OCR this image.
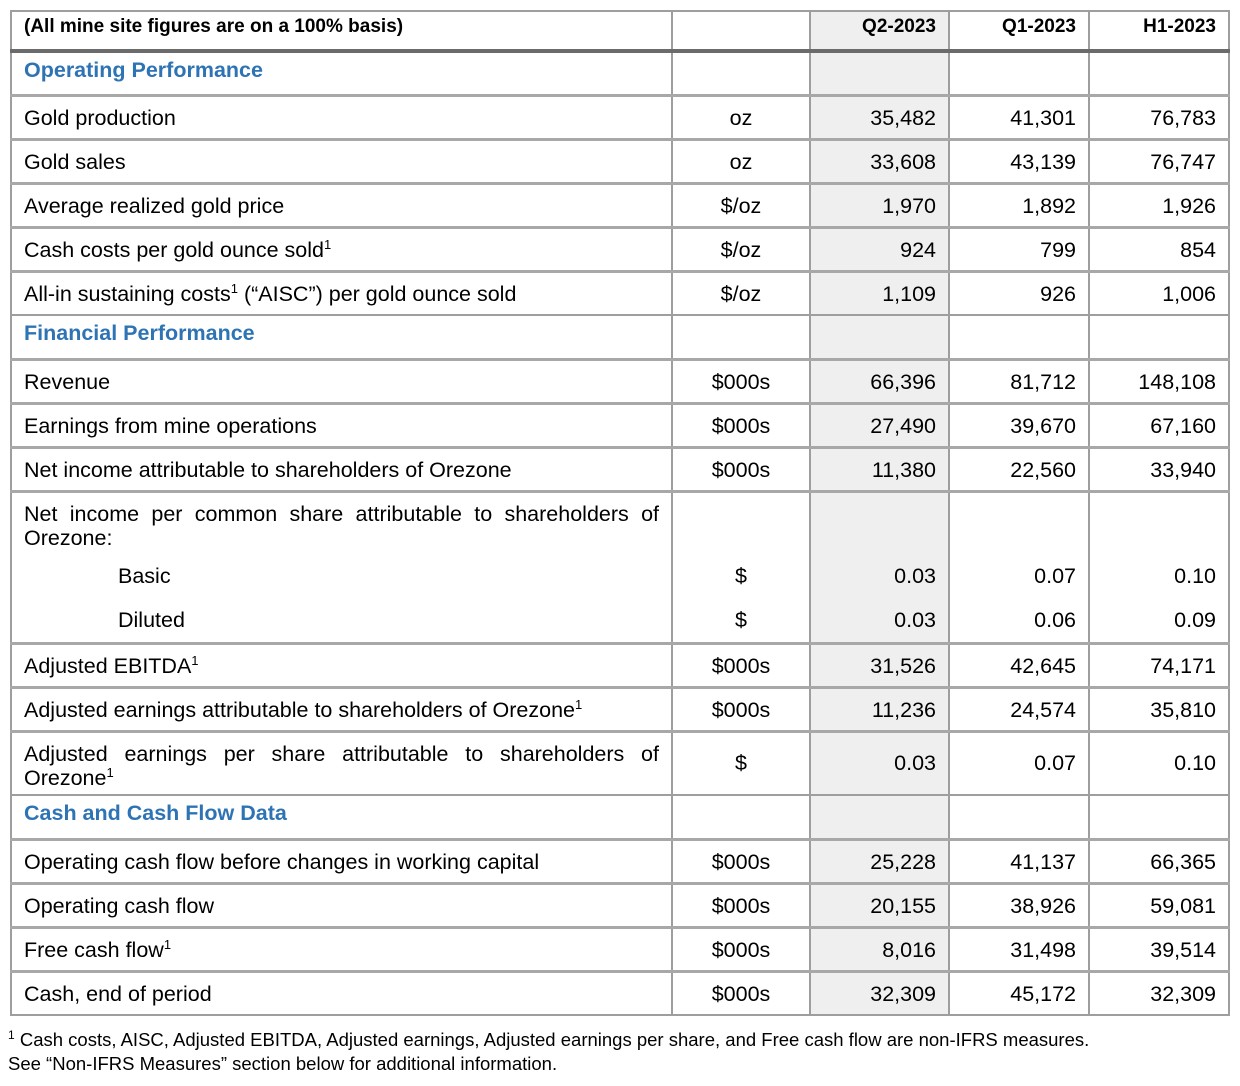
(All mine site figures are on a 100% basis)		Q2-2023	Q1-2023	H1-2023
Operating Performance				
Gold production	oz	35,482	41,301	76,783
Gold sales	oz	33,608	43,139	76,747
Average realized gold price	$/oz	1,970	1,892	1,926
Cash costs per gold ounce sold$^1$	$/oz	924	799	854
All-in sustaining costs$^1$ (“AISC”) per gold ounce sold	$/oz	1,109	926	1,006
Financial Performance				
Revenue	$000s	66,396	81,712	148,108
Earnings from mine operations	$000s	27,490	39,670	67,160
Net income attributable to shareholders of Orezone	$000s	11,380	22,560	33,940

Net income per common share attributable to shareholders of Orezone:				

Basic	$	0.03	0.07	0.10
Diluted	$	0.03	0.06	0.09
Adjusted EBITDA$^1$	$000s	31,526	42,645	74,171
Adjusted earnings attributable to shareholders of Orezone$^1$	$000s	11,236	24,574	35,810

Adjusted earnings per share attributable to shareholders of Orezone$^1$	$	0.03	0.07	0.10
Cash and Cash Flow Data				
Operating cash flow before changes in working capital	$000s	25,228	41,137	66,365
Operating cash flow	$000s	20,155	38,926	59,081
Free cash flow$^1$	$000s	8,016	31,498	39,514
Cash, end of period	$000s	32,309	45,172	32,309
$^1$ Cash costs, AISC, Adjusted EBITDA, Adjusted earnings, Adjusted earnings per share, and Free cash flow are non-IFRS measures.
See “Non-IFRS Measures” section below for additional information.
